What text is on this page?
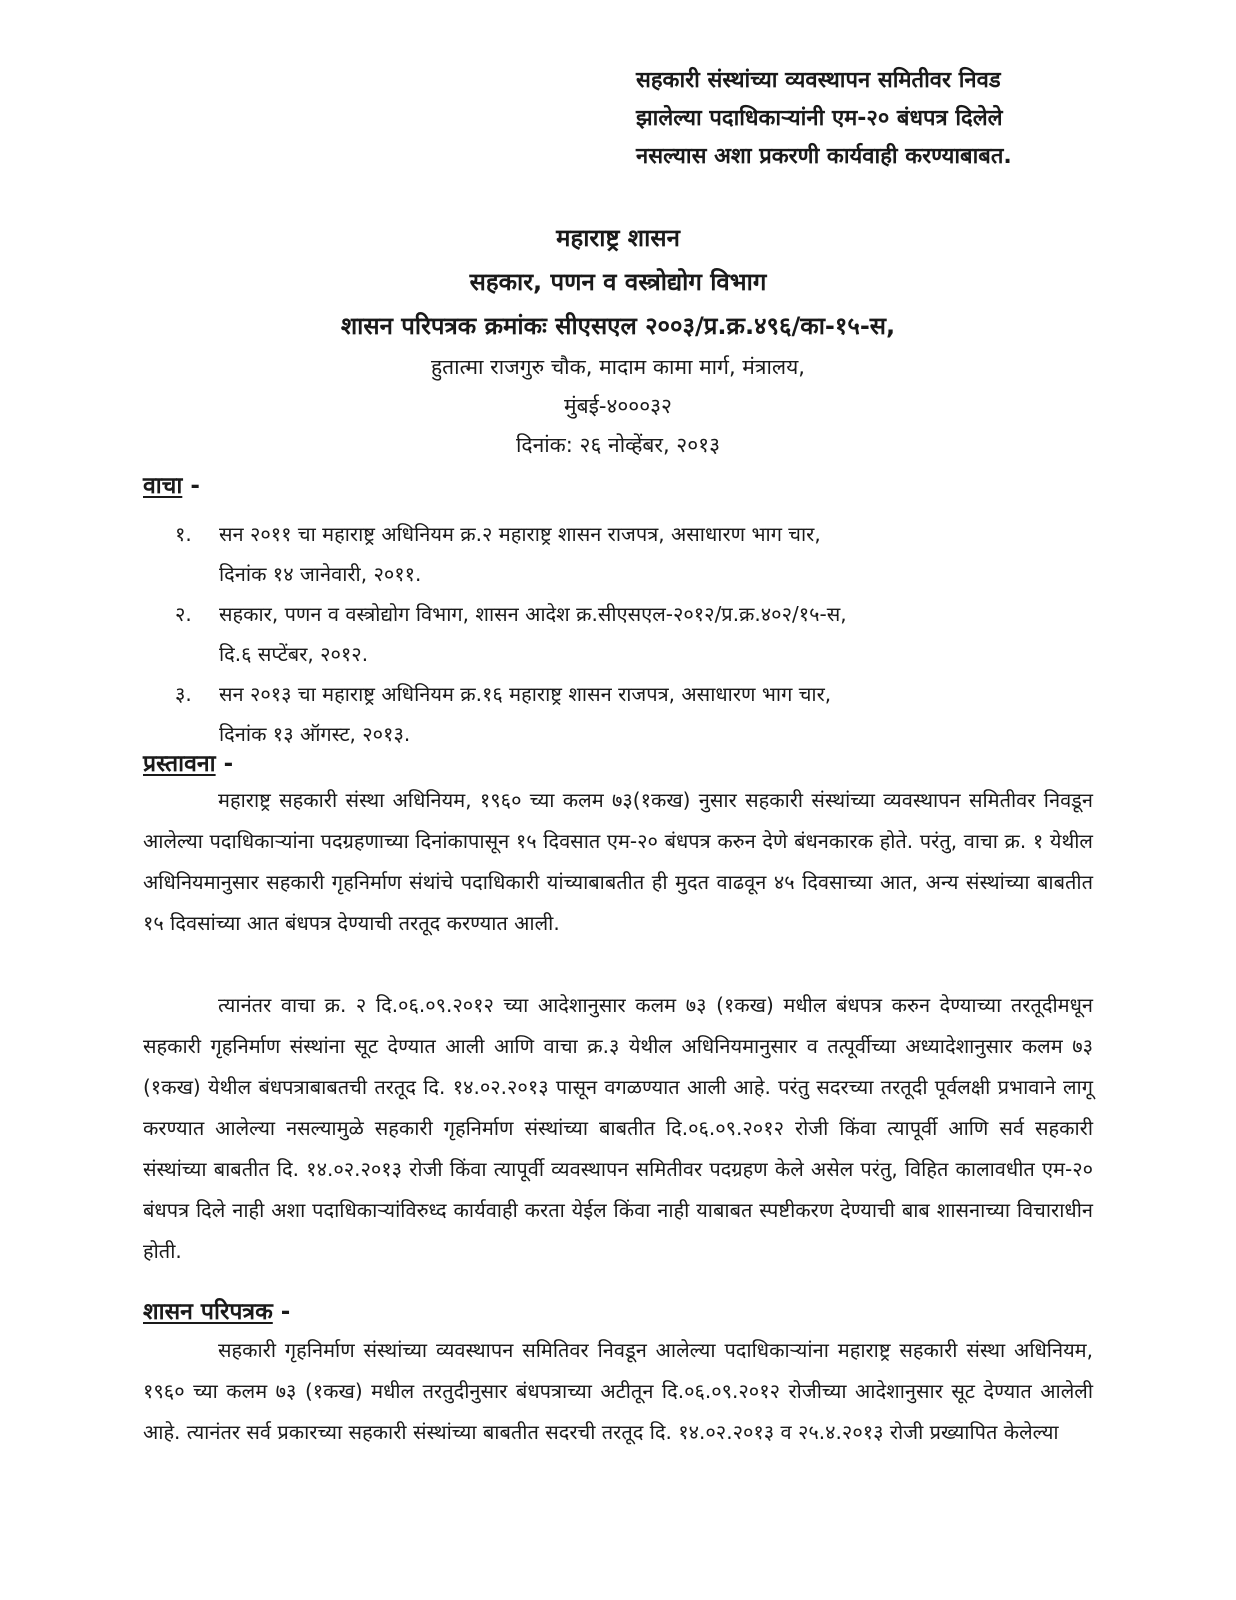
सहकारी संस्थांच्या व्यवस्थापन समितीवर निवड
झालेल्या पदाधिकाऱ्यांनी एम-२० बंधपत्र दिलेले
नसल्यास अशा प्रकरणी कार्यवाही करण्याबाबत.
महाराष्ट्र शासन
सहकार, पणन व वस्त्रोद्योग विभाग
शासन परिपत्रक क्रमांकः सीएसएल २००३/प्र.क्र.४९६/का-१५-स,
हुतात्मा राजगुरु चौक, मादाम कामा मार्ग, मंत्रालय,
मुंबई-४०००३२
दिनांक: २६ नोव्हेंबर, २०१३
वाचा -
१. सन २०११ चा महाराष्ट्र अधिनियम क्र.२ महाराष्ट्र शासन राजपत्र, असाधारण भाग चार,
दिनांक १४ जानेवारी, २०११.
२. सहकार, पणन व वस्त्रोद्योग विभाग, शासन आदेश क्र.सीएसएल-२०१२/प्र.क्र.४०२/१५-स,
दि.६ सप्टेंबर, २०१२.
३. सन २०१३ चा महाराष्ट्र अधिनियम क्र.१६ महाराष्ट्र शासन राजपत्र, असाधारण भाग चार,
दिनांक १३ ऑगस्ट, २०१३.
प्रस्तावना -

महाराष्ट्र सहकारी संस्था अधिनियम, १९६० च्या कलम ७३(१कख) नुसार सहकारी संस्थांच्या व्यवस्थापन समितीवर निवडून आलेल्या पदाधिकाऱ्यांना पदग्रहणाच्या दिनांकापासून १५ दिवसात एम-२० बंधपत्र करुन देणे बंधनकारक होते. परंतु, वाचा क्र. १ येथील अधिनियमानुसार सहकारी गृहनिर्माण संथांचे पदाधिकारी यांच्याबाबतीत ही मुदत वाढवून ४५ दिवसाच्या आत, अन्य संस्थांच्या बाबतीत १५ दिवसांच्या आत बंधपत्र देण्याची तरतूद करण्यात आली.

त्यानंतर वाचा क्र. २ दि.०६.०९.२०१२ च्या आदेशानुसार कलम ७३ (१कख) मधील बंधपत्र करुन देण्याच्या तरतूदीमधून सहकारी गृहनिर्माण संस्थांना सूट देण्यात आली आणि वाचा क्र.३ येथील अधिनियमानुसार व तत्पूर्वीच्या अध्यादेशानुसार कलम ७३ (१कख) येथील बंधपत्राबाबतची तरतूद दि. १४.०२.२०१३ पासून वगळण्यात आली आहे. परंतु सदरच्या तरतूदी पूर्वलक्षी प्रभावाने लागू करण्यात आलेल्या नसल्यामुळे सहकारी गृहनिर्माण संस्थांच्या बाबतीत दि.०६.०९.२०१२ रोजी किंवा त्यापूर्वी आणि सर्व सहकारी संस्थांच्या बाबतीत दि. १४.०२.२०१३ रोजी किंवा त्यापूर्वी व्यवस्थापन समितीवर पदग्रहण केले असेल परंतु, विहित कालावधीत एम-२० बंधपत्र दिले नाही अशा पदाधिकाऱ्यांविरुध्द कार्यवाही करता येईल किंवा नाही याबाबत स्पष्टीकरण देण्याची बाब शासनाच्या विचाराधीन होती.

शासन परिपत्रक -

सहकारी गृहनिर्माण संस्थांच्या व्यवस्थापन समितिवर निवडून आलेल्या पदाधिकाऱ्यांना महाराष्ट्र सहकारी संस्था अधिनियम, १९६० च्या कलम ७३ (१कख) मधील तरतुदीनुसार बंधपत्राच्या अटीतून दि.०६.०९.२०१२ रोजीच्या आदेशानुसार सूट देण्यात आलेली आहे. त्यानंतर सर्व प्रकारच्या सहकारी संस्थांच्या बाबतीत सदरची तरतूद दि. १४.०२.२०१३ व २५.४.२०१३ रोजी प्रख्यापित केलेल्या
